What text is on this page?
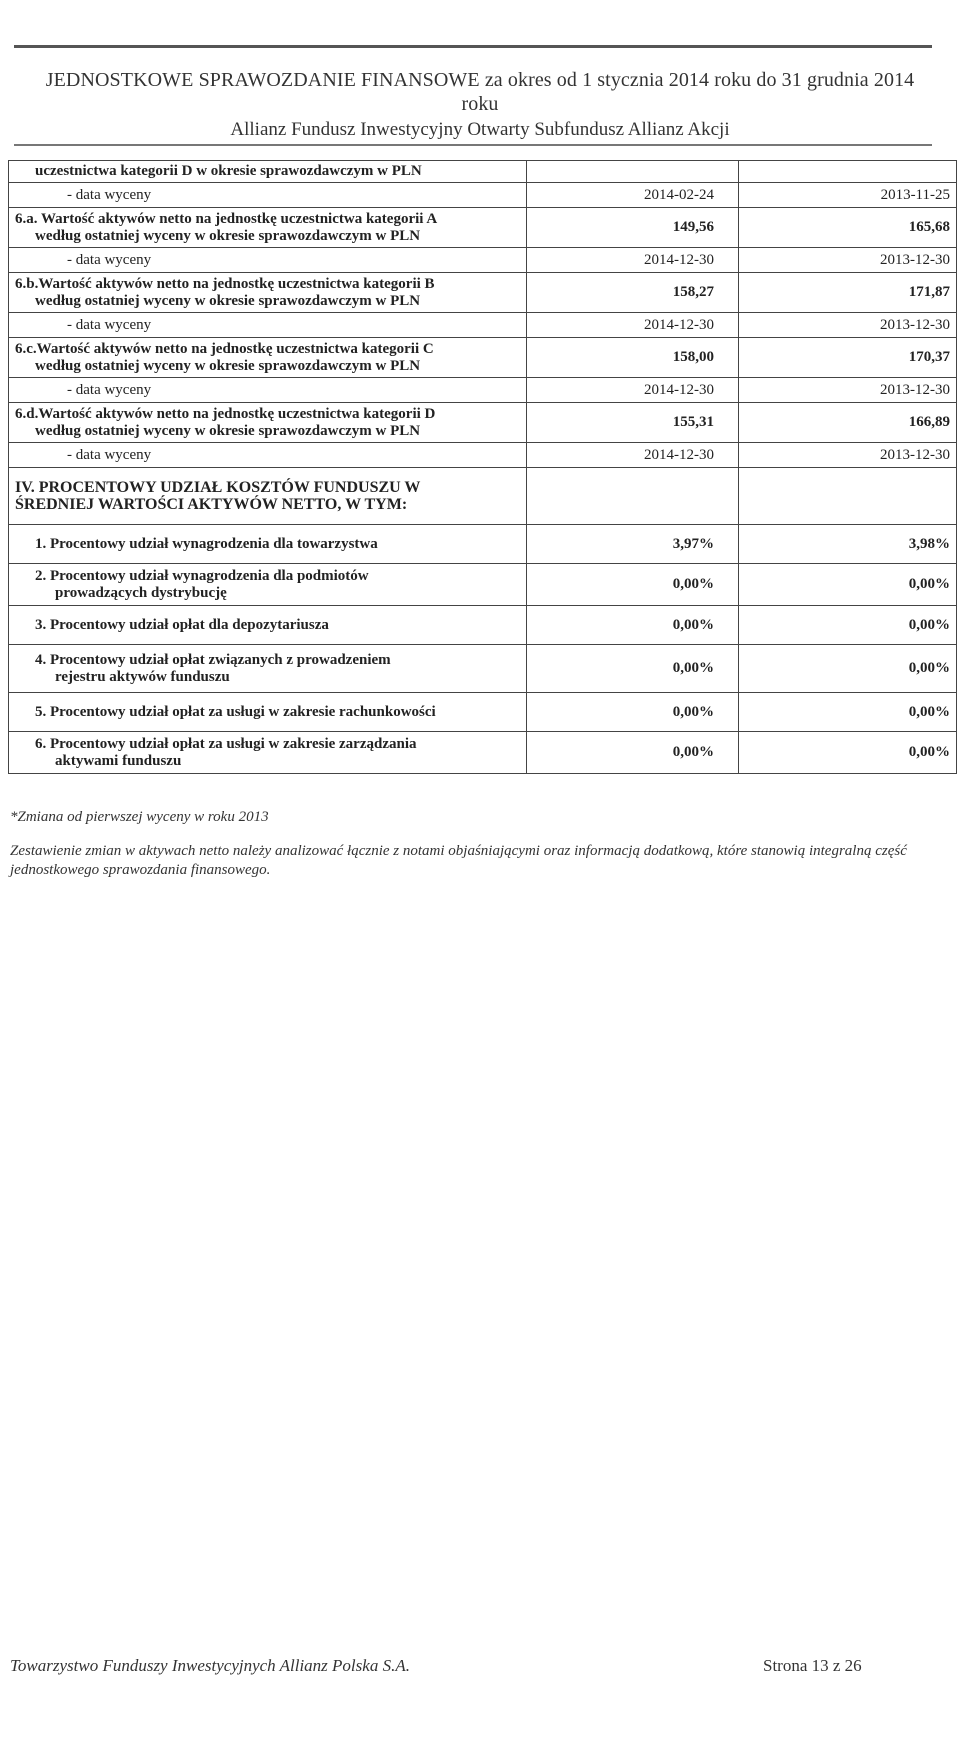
JEDNOSTKOWE SPRAWOZDANIE FINANSOWE za okres od 1 stycznia 2014 roku do 31 grudnia 2014 roku
Allianz Fundusz Inwestycyjny Otwarty Subfundusz Allianz Akcji
uczestnictwa kategorii D w okresie sprawozdawczym w PLN		
- data wyceny	2014-02-24	2013-11-25

6.a. Wartość aktywów netto na jednostkę uczestnictwa kategorii A
według ostatniej wyceny w okresie sprawozdawczym w PLN	149,56	165,68
- data wyceny	2014-12-30	2013-12-30

6.b.Wartość aktywów netto na jednostkę uczestnictwa kategorii B
według ostatniej wyceny w okresie sprawozdawczym w PLN	158,27	171,87
- data wyceny	2014-12-30	2013-12-30

6.c.Wartość aktywów netto na jednostkę uczestnictwa kategorii C
według ostatniej wyceny w okresie sprawozdawczym w PLN	158,00	170,37
- data wyceny	2014-12-30	2013-12-30

6.d.Wartość aktywów netto na jednostkę uczestnictwa kategorii D
według ostatniej wyceny w okresie sprawozdawczym w PLN	155,31	166,89
- data wyceny	2014-12-30	2013-12-30

IV. PROCENTOWY UDZIAŁ KOSZTÓW FUNDUSZU W
ŚREDNIEJ WARTOŚCI AKTYWÓW NETTO, W TYM:		

1. Procentowy udział wynagrodzenia dla towarzystwa	3,97%	3,98%

2. Procentowy udział wynagrodzenia dla podmiotów
prowadzących dystrybucję	0,00%	0,00%
3. Procentowy udział opłat dla depozytariusza	0,00%	0,00%

4. Procentowy udział opłat związanych z prowadzeniem
rejestru aktywów funduszu	0,00%	0,00%
5. Procentowy udział opłat za usługi w zakresie rachunkowości	0,00%	0,00%

6. Procentowy udział opłat za usługi w zakresie zarządzania
aktywami funduszu	0,00%	0,00%
*Zmiana od pierwszej wyceny w roku 2013
Zestawienie zmian w aktywach netto należy analizować łącznie z notami objaśniającymi oraz informacją dodatkową, które stanowią integralną część jednostkowego sprawozdania finansowego.
Towarzystwo Funduszy Inwestycyjnych Allianz Polska S.A.	Strona 13 z 26
